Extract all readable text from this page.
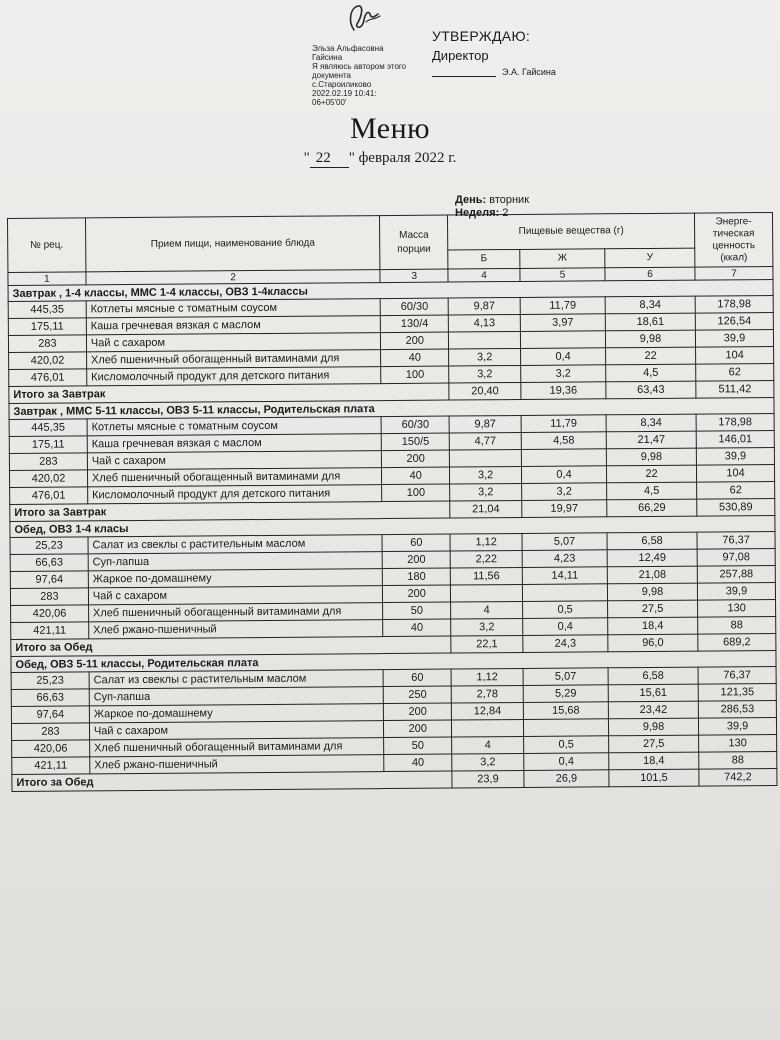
Эльза Альфасовна
Гайсина
Я являюсь автором этого
документа
с.Староиликово
2022.02.19 10:41:
06+05'00'
УТВЕРЖДАЮ:
Директор
Э.А. Гайсина
Меню
" 22 " февраля 2022 г.
День: вторник
Неделя: 2
№ рец.	Прием пищи, наименование блюда	Масса порции	Пищевые вещества (г)			Энерге-тическая ценность (ккал)
			Б	Ж	У	
1	2	3	4	5	6	7
Завтрак , 1-4 классы, ММС 1-4 классы, ОВЗ 1-4классы						
445,35	Котлеты мясные с томатным соусом	60/30	9,87	11,79	8,34	178,98
175,11	Каша гречневая вязкая с маслом	130/4	4,13	3,97	18,61	126,54
283	Чай с сахаром	200			9,98	39,9
420,02	Хлеб пшеничный обогащенный витаминами для	40	3,2	0,4	22	104
476,01	Кисломолочный продукт для детского питания	100	3,2	3,2	4,5	62
Итого за Завтрак			20,40	19,36	63,43	511,42
Завтрак , ММС 5-11 классы, ОВЗ 5-11 классы, Родительская плата						
445,35	Котлеты мясные с томатным соусом	60/30	9,87	11,79	8,34	178,98
175,11	Каша гречневая вязкая с маслом	150/5	4,77	4,58	21,47	146,01
283	Чай с сахаром	200			9,98	39,9
420,02	Хлеб пшеничный обогащенный витаминами для	40	3,2	0,4	22	104
476,01	Кисломолочный продукт для детского питания	100	3,2	3,2	4,5	62
Итого за Завтрак			21,04	19,97	66,29	530,89
Обед, ОВЗ 1-4 класы						
25,23	Салат из свеклы с растительным маслом	60	1,12	5,07	6,58	76,37
66,63	Суп-лапша	200	2,22	4,23	12,49	97,08
97,64	Жаркое по-домашнему	180	11,56	14,11	21,08	257,88
283	Чай с сахаром	200			9,98	39,9
420,06	Хлеб пшеничный обогащенный витаминами для	50	4	0,5	27,5	130
421,11	Хлеб ржано-пшеничный	40	3,2	0,4	18,4	88
Итого за Обед			22,1	24,3	96,0	689,2
Обед, ОВЗ 5-11 классы, Родительская плата						
25,23	Салат из свеклы с растительным маслом	60	1,12	5,07	6,58	76,37
66,63	Суп-лапша	250	2,78	5,29	15,61	121,35
97,64	Жаркое по-домашнему	200	12,84	15,68	23,42	286,53
283	Чай с сахаром	200			9,98	39,9
420,06	Хлеб пшеничный обогащенный витаминами для	50	4	0,5	27,5	130
421,11	Хлеб ржано-пшеничный	40	3,2	0,4	18,4	88
Итого за Обед			23,9	26,9	101,5	742,2
